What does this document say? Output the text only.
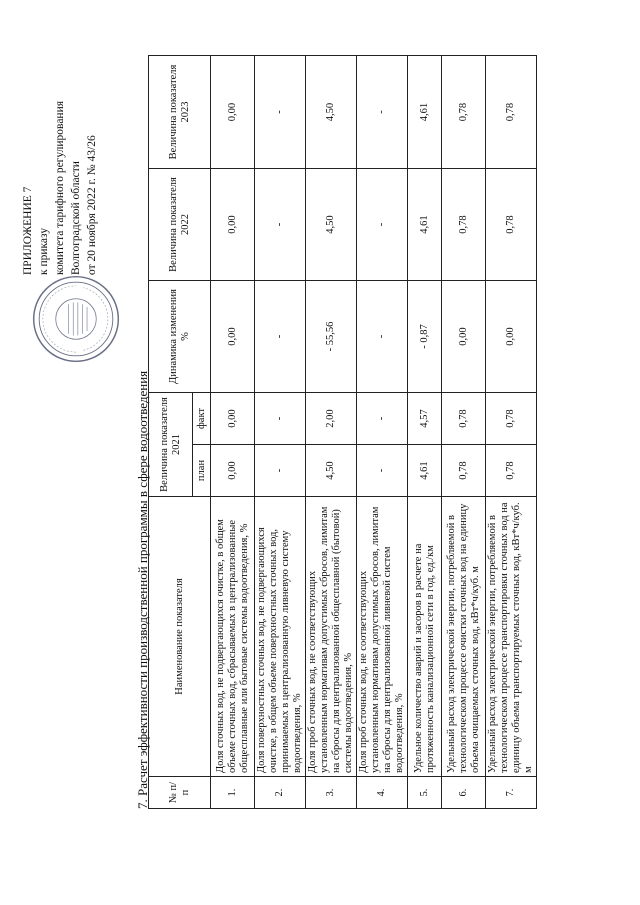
ПРИЛОЖЕНИЕ 7 к приказу комитета тарифного регулирования Волгоградской области от 20 ноября 2022 г. № 43/26
7. Расчет эффективности производственной программы в сфере водоотведения № п/п	Наименование показателя	Величина показателя 2021		Динамика изменения %	Величина показателя 2022	Величина показателя 2023
		план	факт			
1.	Доля сточных вод, не подвергающихся очистке, в общем объеме сточных вод, сбрасываемых в централизованные общесплавные или бытовые системы водоотведения, %	0,00	0,00	0,00	0,00	0,00
2.	Доля поверхностных сточных вод, не подвергающихся очистке, в общем объеме поверхностных сточных вод, принимаемых в централизованную ливневую систему водоотведения, %	-	-	-	-	-
3.	Доля проб сточных вод, не соответствующих установленным нормативам допустимых сбросов, лимитам на сбросы для централизованной общесплавной (бытовой) системы водоотведения, %	4,50	2,00	- 55,56	4,50	4,50
4.	Доля проб сточных вод, не соответствующих установленным нормативам допустимых сбросов, лимитам на сбросы для централизованной ливневой систем водоотведения, %	-	-	-	-	-
5.	Удельное количество аварий и засоров в расчете на протяженность канализационной сети в год, ед./км	4,61	4,57	- 0,87	4,61	4,61
6.	Удельный расход электрической энергии, потребляемой в технологическом процессе очистки сточных вод на единицу объема очищаемых сточных вод, кВт*ч/куб. м	0,78	0,78	0,00	0,78	0,78
7.	Удельный расход электрической энергии, потребляемой в технологическом процессе транспортировки сточных вод на единицу объема транспортируемых сточных вод, кВт*ч/куб. м	0,78	0,78	0,00	0,78	0,78
